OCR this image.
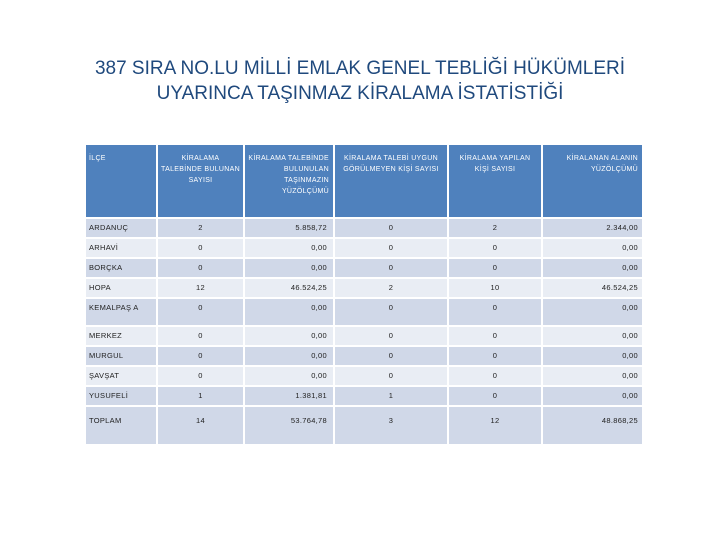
387 SIRA NO.LU MİLLİ EMLAK GENEL TEBLİĞİ HÜKÜMLERİ
UYARINCA TAŞINMAZ KİRALAMA İSTATİSTİĞİ
İLÇE	KİRALAMA TALEBİNDE BULUNAN SAYISI	KİRALAMA TALEBİNDE BULUNULAN TAŞINMAZIN YÜZÖLÇÜMÜ	KİRALAMA TALEBİ UYGUN GÖRÜLMEYEN KİŞİ SAYISI	KİRALAMA YAPILAN KİŞİ SAYISI	KİRALANAN ALANIN YÜZÖLÇÜMÜ
ARDANUÇ	2	5.858,72	0	2	2.344,00
ARHAVİ	0	0,00	0	0	0,00
BORÇKA	0	0,00	0	0	0,00
HOPA	12	46.524,25	2	10	46.524,25
KEMALPAŞ A	0	0,00	0	0	0,00
MERKEZ	0	0,00	0	0	0,00
MURGUL	0	0,00	0	0	0,00
ŞAVŞAT	0	0,00	0	0	0,00
YUSUFELİ	1	1.381,81	1	0	0,00
TOPLAM	14	53.764,78	3	12	48.868,25
